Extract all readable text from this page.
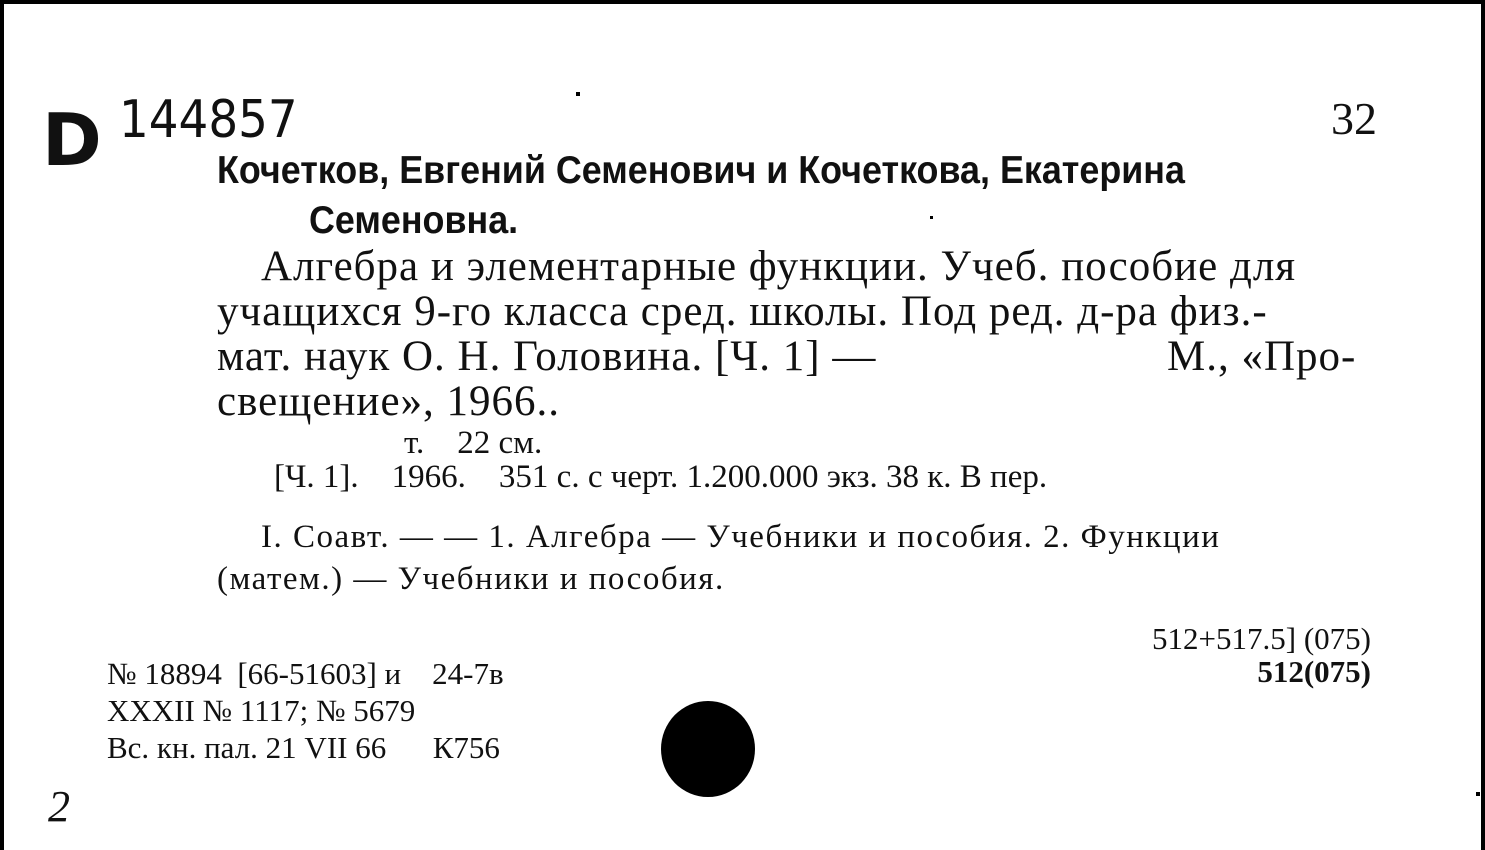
D 144857	32
Кочетков, Евгений Семенович и Кочеткова, Екатерина
Семеновна.
Алгебра и элементарные функции. Учеб. пособие для
учащихся 9-го класса сред. школы. Под ред. д-ра физ.-
мат. наук О. Н. Головина. [Ч. 1] —	М., «Про-
свещение», 1966..
т.    22 см.
[Ч. 1].    1966.    351 с. с черт. 1.200.000 экз. 38 к. В пер.
I. Соавт. — — 1. Алгебра — Учебники и пособия. 2. Функции
(матем.) — Учебники и пособия.
512+517.5] (075)
512(075)
№ 18894  [66-51603] и    24-7в
XXXII № 1117; № 5679
Вс. кн. пал. 21 VII 66      К756
2
